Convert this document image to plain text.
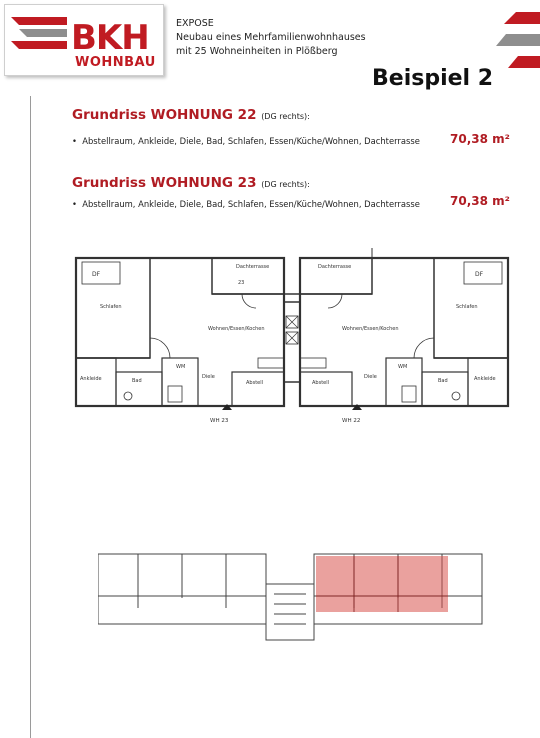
BKH
WOHNBAU
EXPOSE
Neubau eines Mehrfamilienwohnhauses
mit 25 Wohneinheiten in Plößberg
Beispiel 2
Grundriss WOHNUNG 22 (DG rechts):
•  Abstellraum, Ankleide, Diele, Bad, Schlafen, Essen/Küche/Wohnen, Dachterrasse	70,38 m²
Grundriss WOHNUNG 23 (DG rechts):
•  Abstellraum, Ankleide, Diele, Bad, Schlafen, Essen/Küche/Wohnen, Dachterrasse	70,38 m²
DF	DF
Dachterrasse	Dachterrasse
Schlafen	Schlafen
Wohnen/Essen/Kochen	Wohnen/Essen/Kochen
Ankleide	Ankleide
Bad	Bad
Diele	Diele
Abstell	Abstell
WM	WM
23
WH 23	WH 22
